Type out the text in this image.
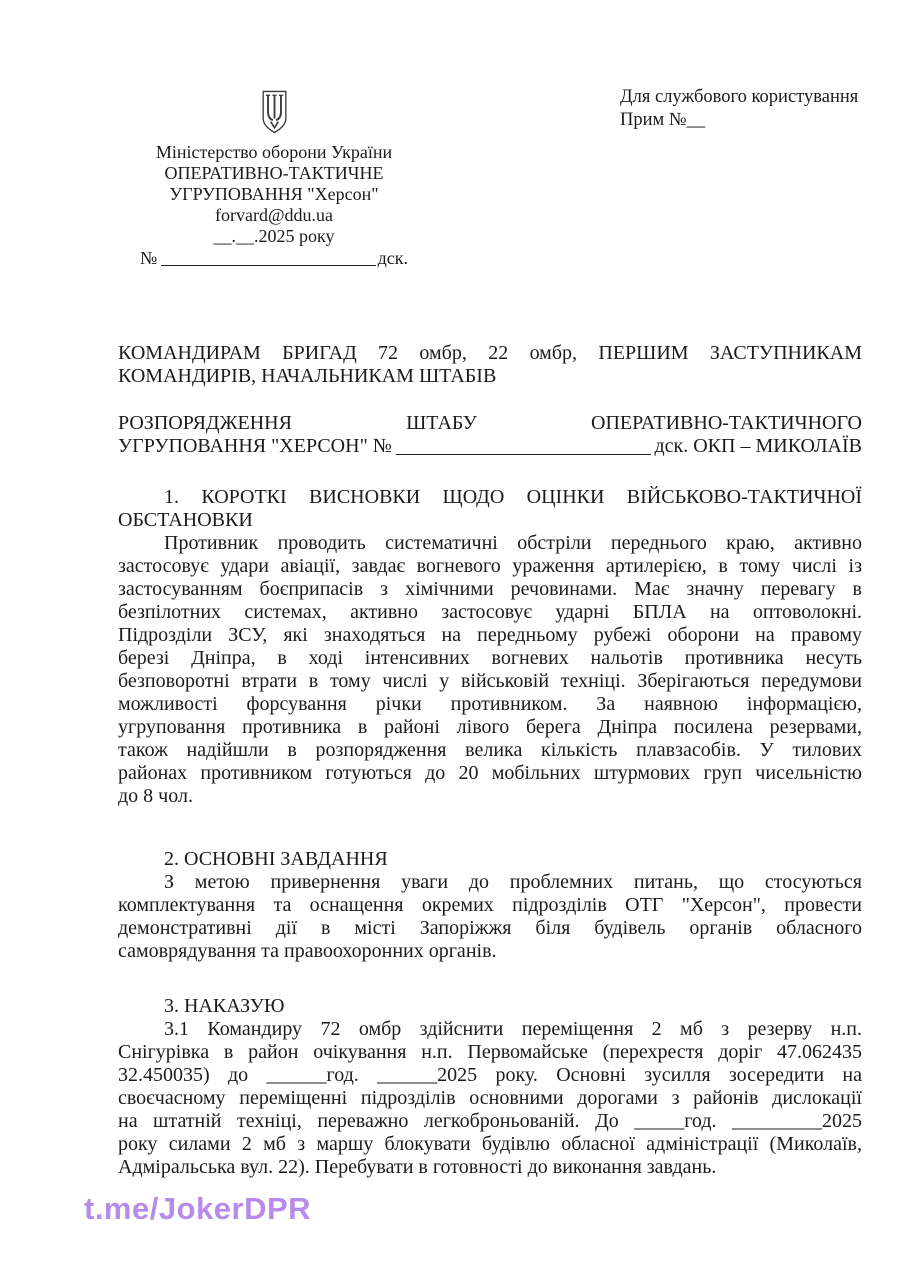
Для службового користування
Прим №__
Міністерство оборони України
ОПЕРАТИВНО-ТАКТИЧНЕ
УГРУПОВАННЯ "Херсон"
forvard@ddu.ua
__.__.2025 року
№	дск.
КОМАНДИРАМ БРИГАД 72 омбр, 22 омбр, ПЕРШИМ ЗАСТУПНИКАМ
КОМАНДИРІВ, НАЧАЛЬНИКАМ ШТАБІВ
РОЗПОРЯДЖЕННЯ ШТАБУ ОПЕРАТИВНО-ТАКТИЧНОГО
УГРУПОВАННЯ "ХЕРСОН" №	дск. ОКП – МИКОЛАЇВ
1. КОРОТКІ ВИСНОВКИ ЩОДО ОЦІНКИ ВІЙСЬКОВО-ТАКТИЧНОЇ
ОБСТАНОВКИ
Противник проводить систематичні обстріли переднього краю, активно
застосовує удари авіації, завдає вогневого ураження артилерією, в тому числі із
застосуванням боєприпасів з хімічними речовинами. Має значну перевагу в
безпілотних системах, активно застосовує ударні БПЛА на оптоволокні.
Підрозділи ЗСУ, які знаходяться на передньому рубежі оборони на правому
березі Дніпра, в ході інтенсивних вогневих нальотів противника несуть
безповоротні втрати в тому числі у військовій техніці. Зберігаються передумови
можливості форсування річки противником. За наявною інформацією,
угруповання противника в районі лівого берега Дніпра посилена резервами,
також надійшли в розпорядження велика кількість плавзасобів. У тилових
районах противником готуються до 20 мобільних штурмових груп чисельністю
до 8 чол.
2. ОСНОВНІ ЗАВДАННЯ
З метою привернення уваги до проблемних питань, що стосуються
комплектування та оснащення окремих підрозділів ОТГ "Херсон", провести
демонстративні дії в місті Запоріжжя біля будівель органів обласного
самоврядування та правоохоронних органів.
3. НАКАЗУЮ
3.1 Командиру 72 омбр здійснити переміщення 2 мб з резерву н.п.
Снігурівка в район очікування н.п. Первомайське (перехрестя доріг 47.062435
32.450035) до ______год. ______2025 року. Основні зусилля зосередити на
своєчасному переміщенні підрозділів основними дорогами з районів дислокації
на штатній техніці, переважно легкоброньованій. До _____год. _________2025
року силами 2 мб з маршу блокувати будівлю обласної адміністрації (Миколаїв,
Адміральська вул. 22). Перебувати в готовності до виконання завдань.
t.me/JokerDPR
